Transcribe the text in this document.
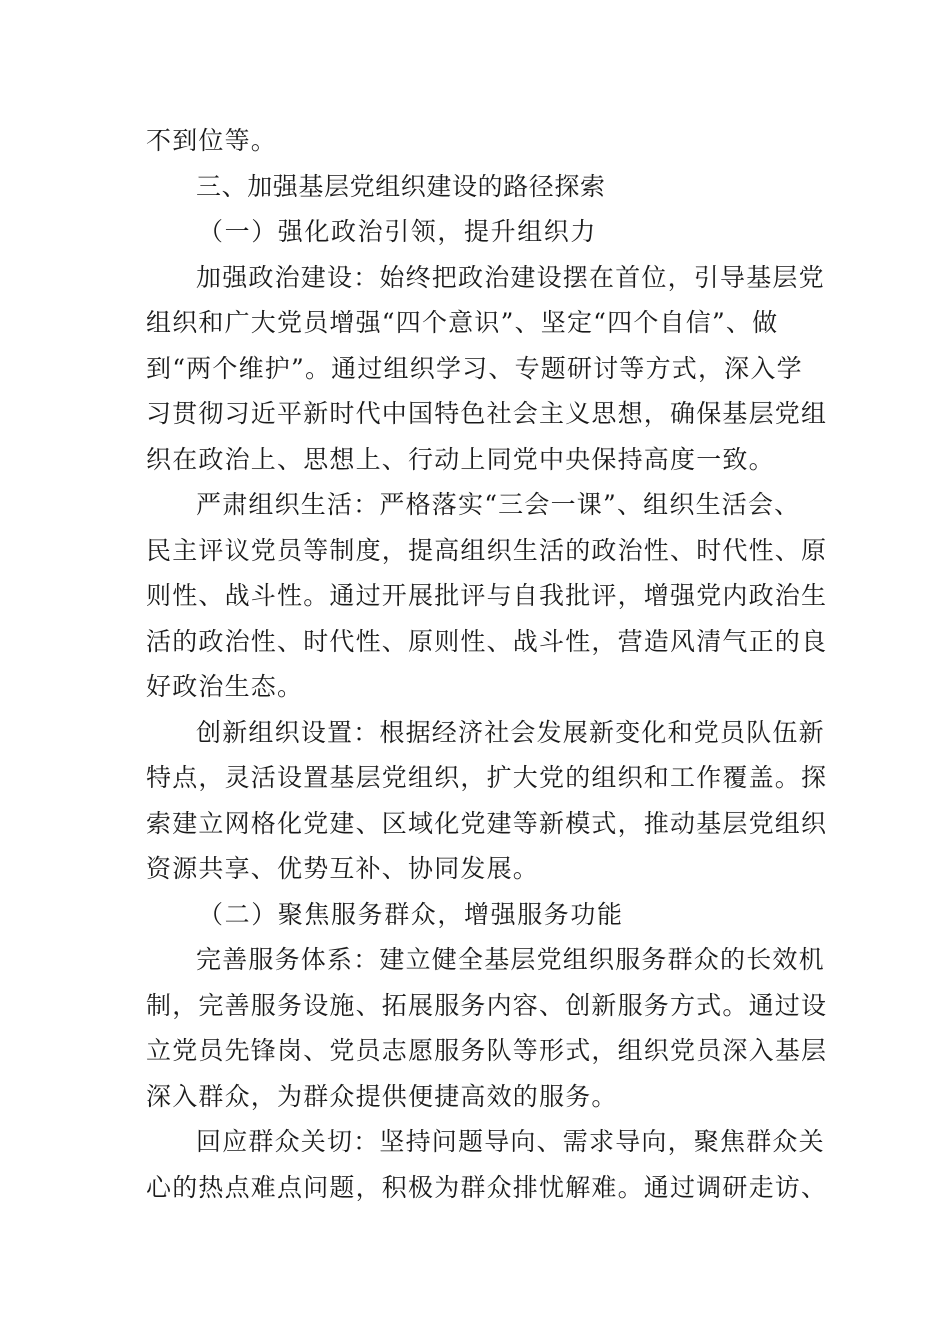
不到位等。
三、加强基层党组织建设的路径探索
（一）强化政治引领，提升组织力
加强政治建设：始终把政治建设摆在首位，引导基层党
组织和广大党员增强“四个意识”、坚定“四个自信”、做
到“两个维护”。通过组织学习、专题研讨等方式，深入学
习贯彻习近平新时代中国特色社会主义思想，确保基层党组
织在政治上、思想上、行动上同党中央保持高度一致。
严肃组织生活：严格落实“三会一课”、组织生活会、
民主评议党员等制度，提高组织生活的政治性、时代性、原
则性、战斗性。通过开展批评与自我批评，增强党内政治生
活的政治性、时代性、原则性、战斗性，营造风清气正的良
好政治生态。
创新组织设置：根据经济社会发展新变化和党员队伍新
特点，灵活设置基层党组织，扩大党的组织和工作覆盖。探
索建立网格化党建、区域化党建等新模式，推动基层党组织
资源共享、优势互补、协同发展。
（二）聚焦服务群众，增强服务功能
完善服务体系：建立健全基层党组织服务群众的长效机
制，完善服务设施、拓展服务内容、创新服务方式。通过设
立党员先锋岗、党员志愿服务队等形式，组织党员深入基层
深入群众，为群众提供便捷高效的服务。
回应群众关切：坚持问题导向、需求导向，聚焦群众关
心的热点难点问题，积极为群众排忧解难。通过调研走访、
